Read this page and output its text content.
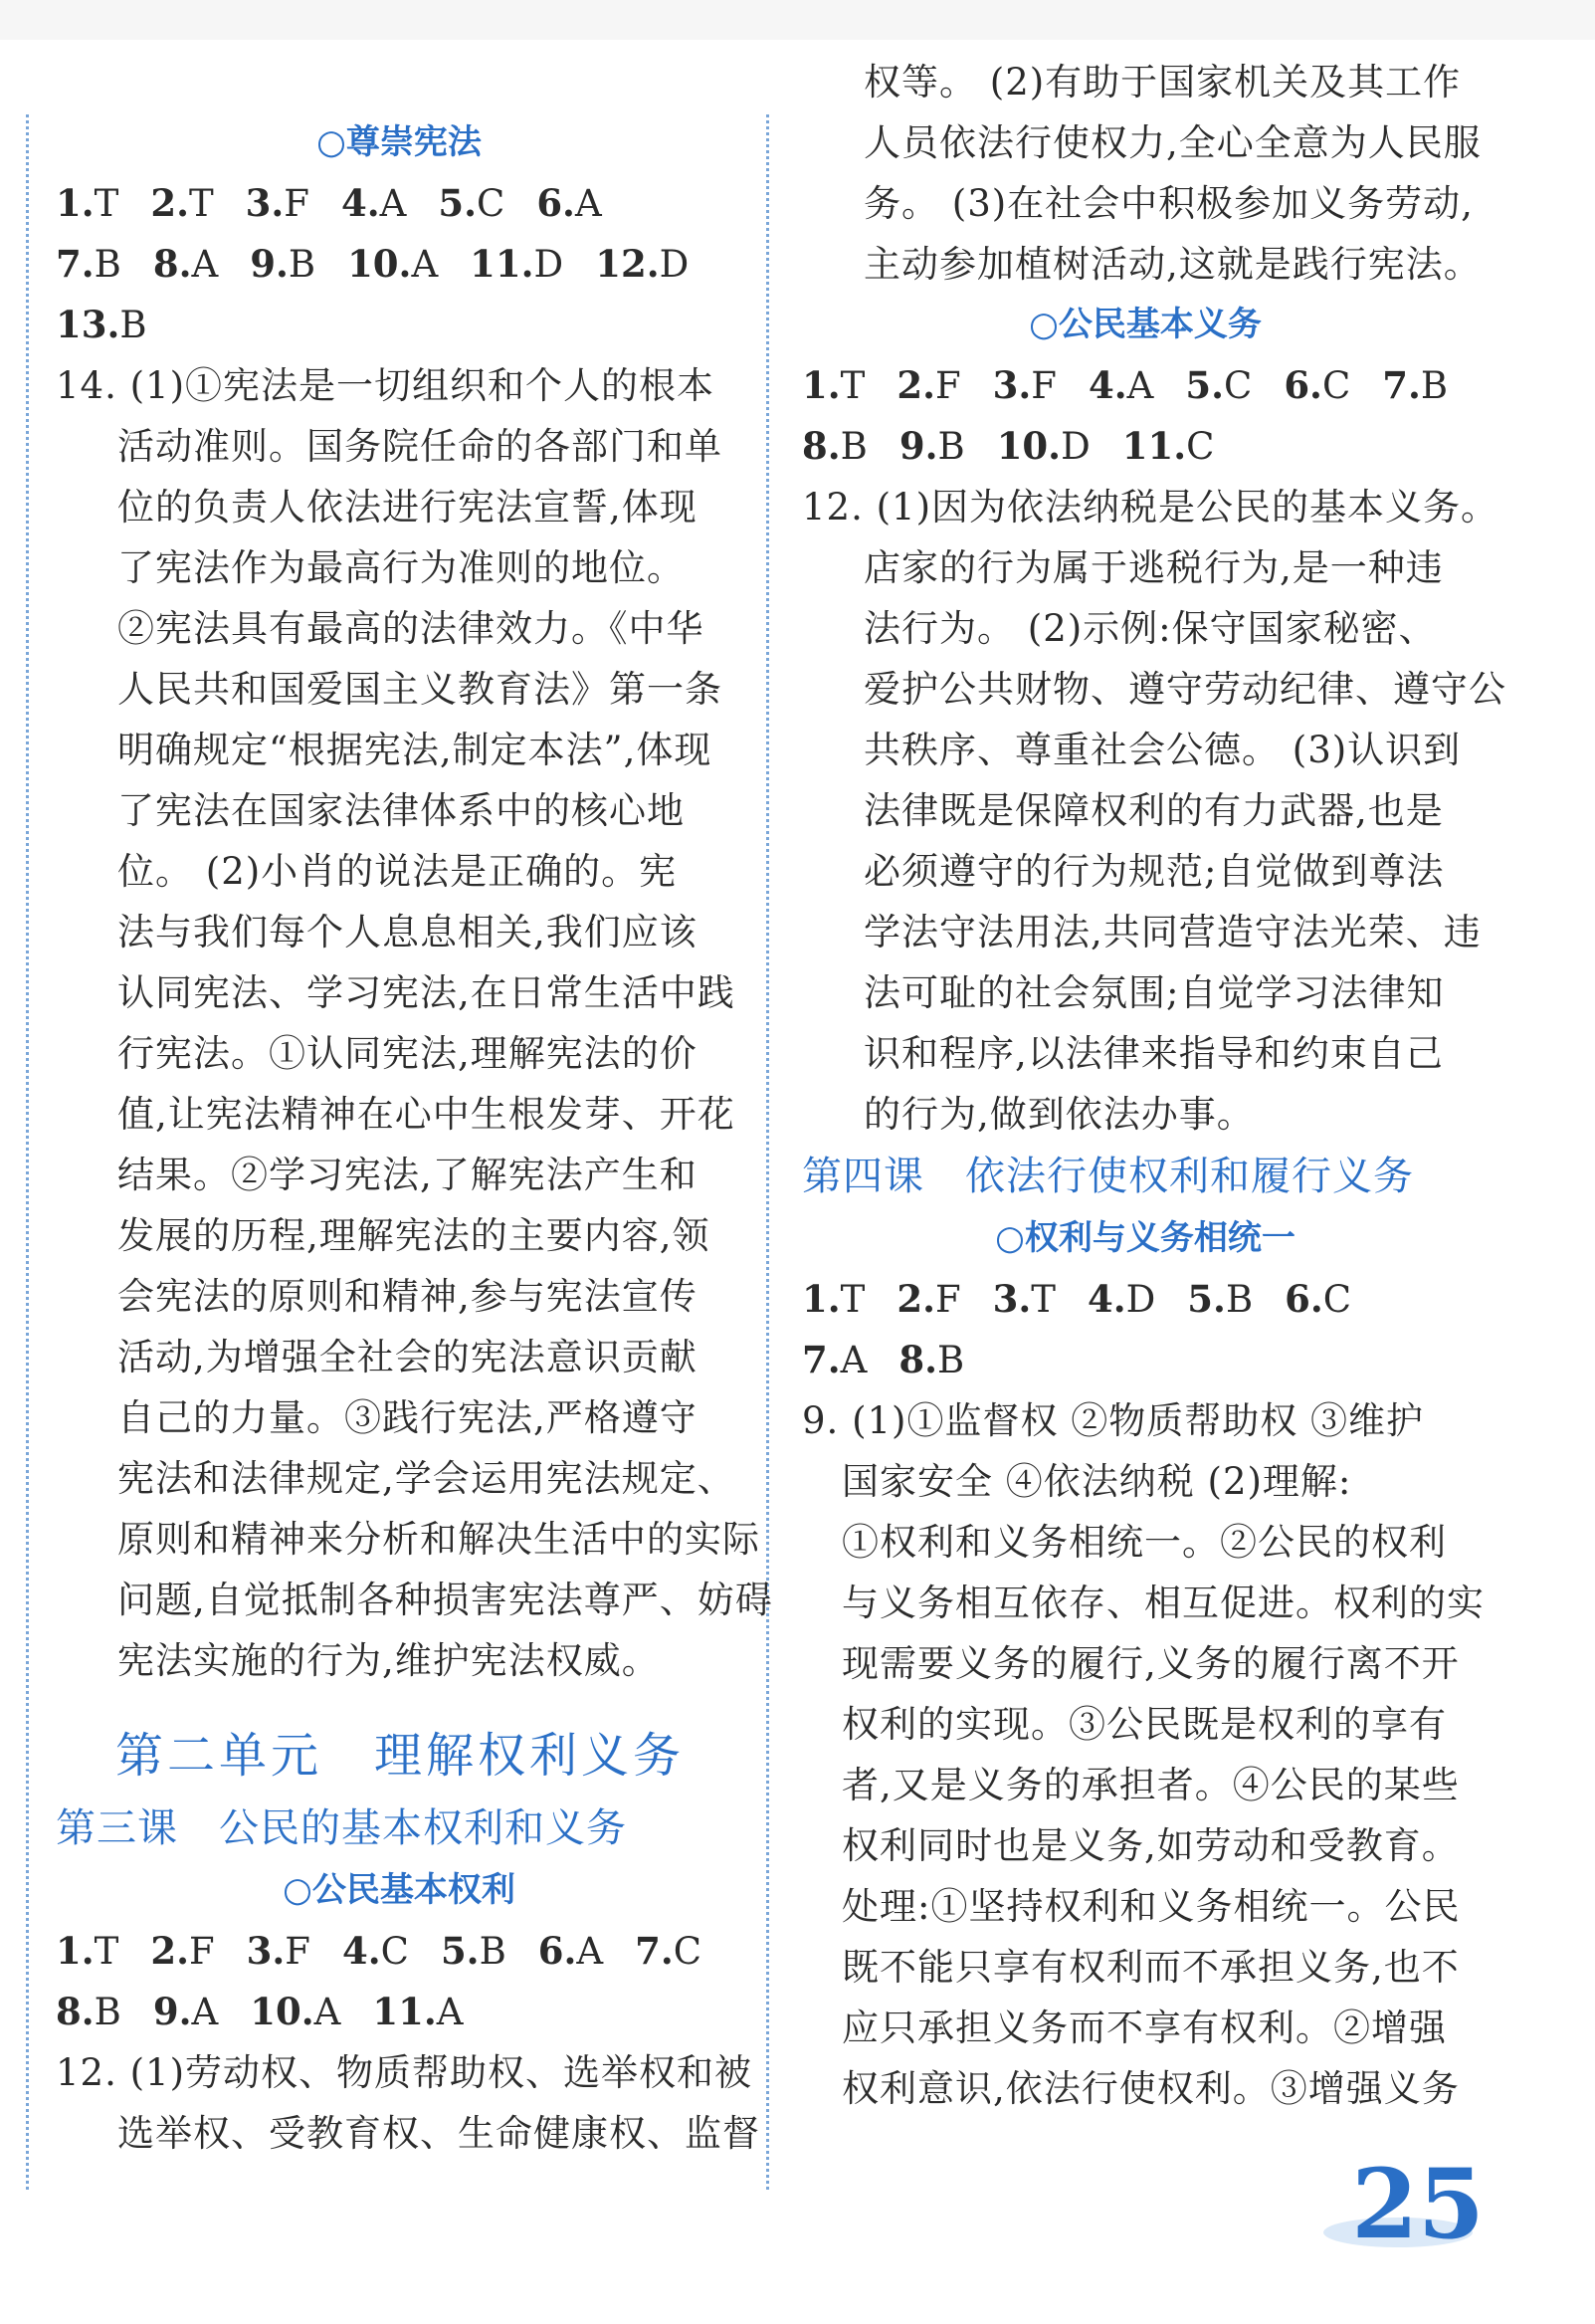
○尊崇宪法
1.T 2.T 3.F 4.A 5.C 6.A
7.B 8.A 9.B 10.A 11.D 12.D
13.B
14. (1)①宪法是一切组织和个人的根本
活动准则。国务院任命的各部门和单
位的负责人依法进行宪法宣誓,体现
了宪法作为最高行为准则的地位。
②宪法具有最高的法律效力。《中华
人民共和国爱国主义教育法》第一条
明确规定“根据宪法,制定本法”,体现
了宪法在国家法律体系中的核心地
位。 (2)小肖的说法是正确的。宪
法与我们每个人息息相关,我们应该
认同宪法、学习宪法,在日常生活中践
行宪法。①认同宪法,理解宪法的价
值,让宪法精神在心中生根发芽、开花
结果。②学习宪法,了解宪法产生和
发展的历程,理解宪法的主要内容,领
会宪法的原则和精神,参与宪法宣传
活动,为增强全社会的宪法意识贡献
自己的力量。③践行宪法,严格遵守
宪法和法律规定,学会运用宪法规定、
原则和精神来分析和解决生活中的实际
问题,自觉抵制各种损害宪法尊严、妨碍
宪法实施的行为,维护宪法权威。
第二单元　理解权利义务
第三课　公民的基本权利和义务
○公民基本权利
1.T 2.F 3.F 4.C 5.B 6.A 7.C
8.B 9.A 10.A 11.A
12. (1)劳动权、物质帮助权、选举权和被
选举权、受教育权、生命健康权、监督
权等。 (2)有助于国家机关及其工作
人员依法行使权力,全心全意为人民服
务。 (3)在社会中积极参加义务劳动,
主动参加植树活动,这就是践行宪法。
○公民基本义务
1.T 2.F 3.F 4.A 5.C 6.C 7.B
8.B 9.B 10.D 11.C
12. (1)因为依法纳税是公民的基本义务。
店家的行为属于逃税行为,是一种违
法行为。 (2)示例:保守国家秘密、
爱护公共财物、遵守劳动纪律、遵守公
共秩序、尊重社会公德。 (3)认识到
法律既是保障权利的有力武器,也是
必须遵守的行为规范;自觉做到尊法
学法守法用法,共同营造守法光荣、违
法可耻的社会氛围;自觉学习法律知
识和程序,以法律来指导和约束自己
的行为,做到依法办事。
第四课　依法行使权利和履行义务
○权利与义务相统一
1.T 2.F 3.T 4.D 5.B 6.C
7.A 8.B
9. (1)①监督权 ②物质帮助权 ③维护
国家安全 ④依法纳税 (2)理解:
①权利和义务相统一。②公民的权利
与义务相互依存、相互促进。权利的实
现需要义务的履行,义务的履行离不开
权利的实现。③公民既是权利的享有
者,又是义务的承担者。④公民的某些
权利同时也是义务,如劳动和受教育。
处理:①坚持权利和义务相统一。公民
既不能只享有权利而不承担义务,也不
应只承担义务而不享有权利。②增强
权利意识,依法行使权利。③增强义务
25
